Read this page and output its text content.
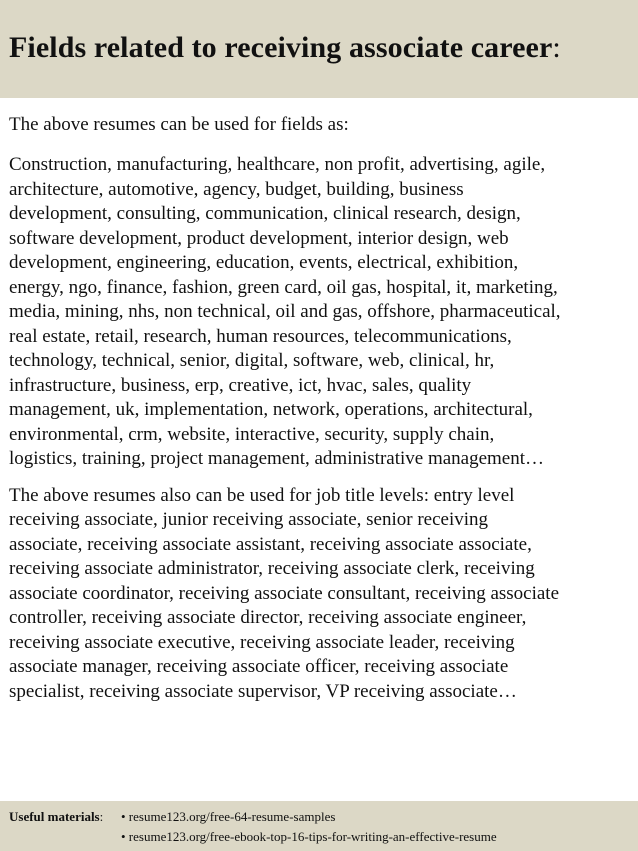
Fields related to receiving associate career:

The above resumes can be used for fields as:

Construction, manufacturing, healthcare, non profit, advertising, agile,
architecture, automotive, agency, budget, building, business
development, consulting, communication, clinical research, design,
software development, product development, interior design, web
development, engineering, education, events, electrical, exhibition,
energy, ngo, finance, fashion, green card, oil gas, hospital, it, marketing,
media, mining, nhs, non technical, oil and gas, offshore, pharmaceutical,
real estate, retail, research, human resources, telecommunications,
technology, technical, senior, digital, software, web, clinical, hr,
infrastructure, business, erp, creative, ict, hvac, sales, quality
management, uk, implementation, network, operations, architectural,
environmental, crm, website, interactive, security, supply chain,
logistics, training, project management, administrative management…

The above resumes also can be used for job title levels: entry level
receiving associate, junior receiving associate, senior receiving
associate, receiving associate assistant, receiving associate associate,
receiving associate administrator, receiving associate clerk, receiving
associate coordinator, receiving associate consultant, receiving associate
controller, receiving associate director, receiving associate engineer,
receiving associate executive, receiving associate leader, receiving
associate manager, receiving associate officer, receiving associate
specialist, receiving associate supervisor, VP receiving associate…

Useful materials:	• resume123.org/free-64-resume-samples
• resume123.org/free-ebook-top-16-tips-for-writing-an-effective-resume
